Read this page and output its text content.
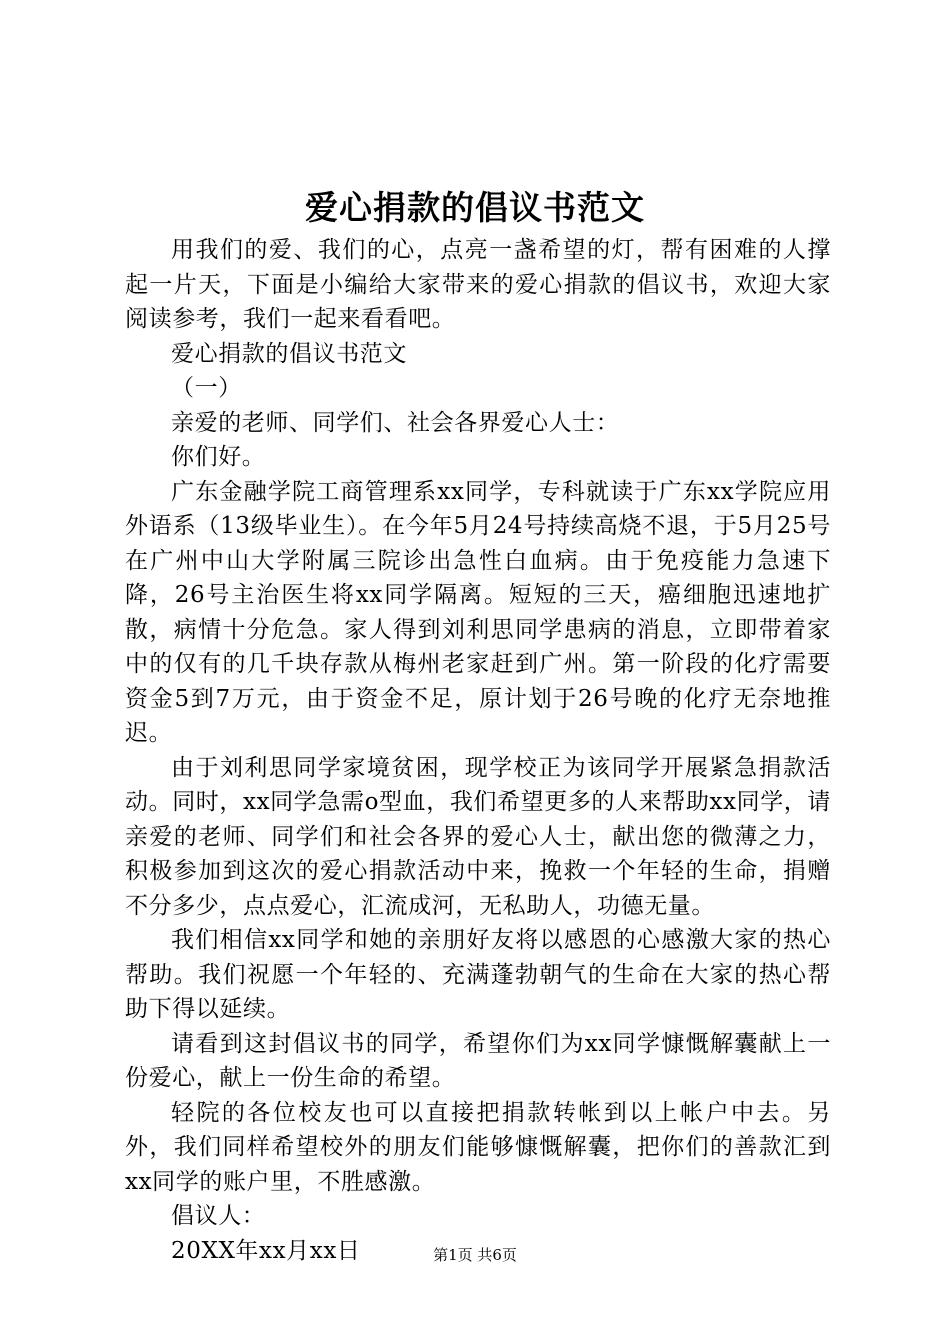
爱心捐款的倡议书范文

用我们的爱、我们的心，点亮一盏希望的灯，帮有困难的人撑起一片天，下面是小编给大家带来的爱心捐款的倡议书，欢迎大家阅读参考，我们一起来看看吧。

爱心捐款的倡议书范文

（一）

亲爱的老师、同学们、社会各界爱心人士：

你们好。

广东金融学院工商管理系xx同学，专科就读于广东xx学院应用外语系（13级毕业生）。在今年5月24号持续高烧不退，于5月25号在广州中山大学附属三院诊出急性白血病。由于免疫能力急速下降，26号主治医生将xx同学隔离。短短的三天，癌细胞迅速地扩散，病情十分危急。家人得到刘利思同学患病的消息，立即带着家中的仅有的几千块存款从梅州老家赶到广州。第一阶段的化疗需要资金5到7万元，由于资金不足，原计划于26号晚的化疗无奈地推迟。

由于刘利思同学家境贫困，现学校正为该同学开展紧急捐款活动。同时，xx同学急需o型血，我们希望更多的人来帮助xx同学，请亲爱的老师、同学们和社会各界的爱心人士，献出您的微薄之力，积极参加到这次的爱心捐款活动中来，挽救一个年轻的生命，捐赠不分多少，点点爱心，汇流成河，无私助人，功德无量。

我们相信xx同学和她的亲朋好友将以感恩的心感激大家的热心帮助。我们祝愿一个年轻的、充满蓬勃朝气的生命在大家的热心帮助下得以延续。

请看到这封倡议书的同学，希望你们为xx同学慷慨解囊献上一份爱心，献上一份生命的希望。

轻院的各位校友也可以直接把捐款转帐到以上帐户中去。另外，我们同样希望校外的朋友们能够慷慨解囊，把你们的善款汇到xx同学的账户里，不胜感激。

倡议人：

20XX年xx月xx日	第1页 共6页
